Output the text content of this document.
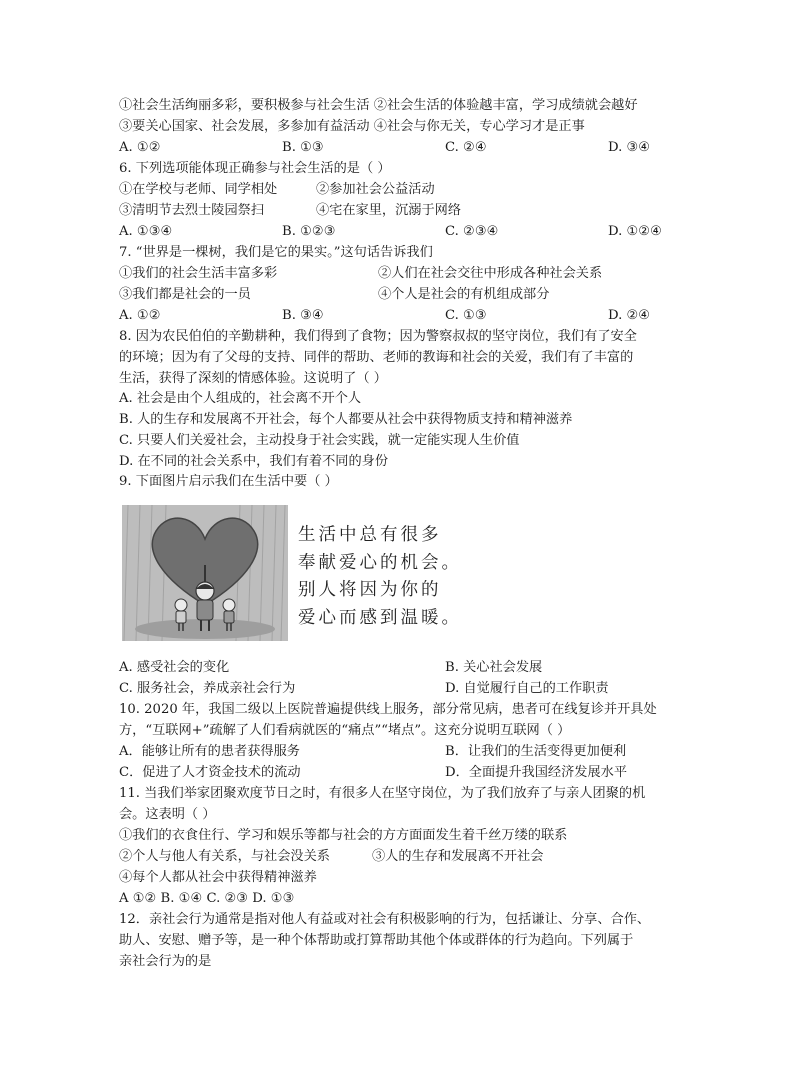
①社会生活绚丽多彩，要积极参与社会生活 ②社会生活的体验越丰富，学习成绩就会越好
③要关心国家、社会发展，多参加有益活动 ④社会与你无关，专心学习才是正事
A. ①②	B. ①③	C. ②④	D. ③④
6. 下列选项能体现正确参与社会生活的是（ ）
①在学校与老师、同学相处	②参加社会公益活动
③清明节去烈士陵园祭扫	④宅在家里，沉溺于网络
A. ①③④	B. ①②③	C. ②③④	D. ①②④
7. “世界是一棵树，我们是它的果实。”这句话告诉我们
①我们的社会生活丰富多彩	②人们在社会交往中形成各种社会关系
③我们都是社会的一员	④个人是社会的有机组成部分
A. ①②	B. ③④	C. ①③	D. ②④
8. 因为农民伯伯的辛勤耕种，我们得到了食物；因为警察叔叔的坚守岗位，我们有了安全
的环境；因为有了父母的支持、同伴的帮助、老师的教诲和社会的关爱，我们有了丰富的
生活，获得了深刻的情感体验。这说明了（ ）
A. 社会是由个人组成的，社会离不开个人
B. 人的生存和发展离不开社会，每个人都要从社会中获得物质支持和精神滋养
C. 只要人们关爱社会，主动投身于社会实践，就一定能实现人生价值
D. 在不同的社会关系中，我们有着不同的身份
9. 下面图片启示我们在生活中要（ ）
生活中总有很多
奉献爱心的机会。
别人将因为你的
爱心而感到温暖。
A. 感受社会的变化	B. 关心社会发展
C. 服务社会，养成亲社会行为	D. 自觉履行自己的工作职责
10. 2020 年，我国二级以上医院普遍提供线上服务，部分常见病，患者可在线复诊并开具处
方，“互联网+”疏解了人们看病就医的“痛点”“堵点”。这充分说明互联网（ ）
A．能够让所有的患者获得服务	B．让我们的生活变得更加便利
C．促进了人才资金技术的流动	D．全面提升我国经济发展水平
11. 当我们举家团聚欢度节日之时，有很多人在坚守岗位，为了我们放弃了与亲人团聚的机
会。这表明（ ）
①我们的衣食住行、学习和娱乐等都与社会的方方面面发生着千丝万缕的联系
②个人与他人有关系，与社会没关系	③人的生存和发展离不开社会
④每个人都从社会中获得精神滋养
A ①② B. ①④ C. ②③ D. ①③
12．亲社会行为通常是指对他人有益或对社会有积极影响的行为，包括谦让、分享、合作、
助人、安慰、赠予等，是一种个体帮助或打算帮助其他个体或群体的行为趋向。下列属于
亲社会行为的是
